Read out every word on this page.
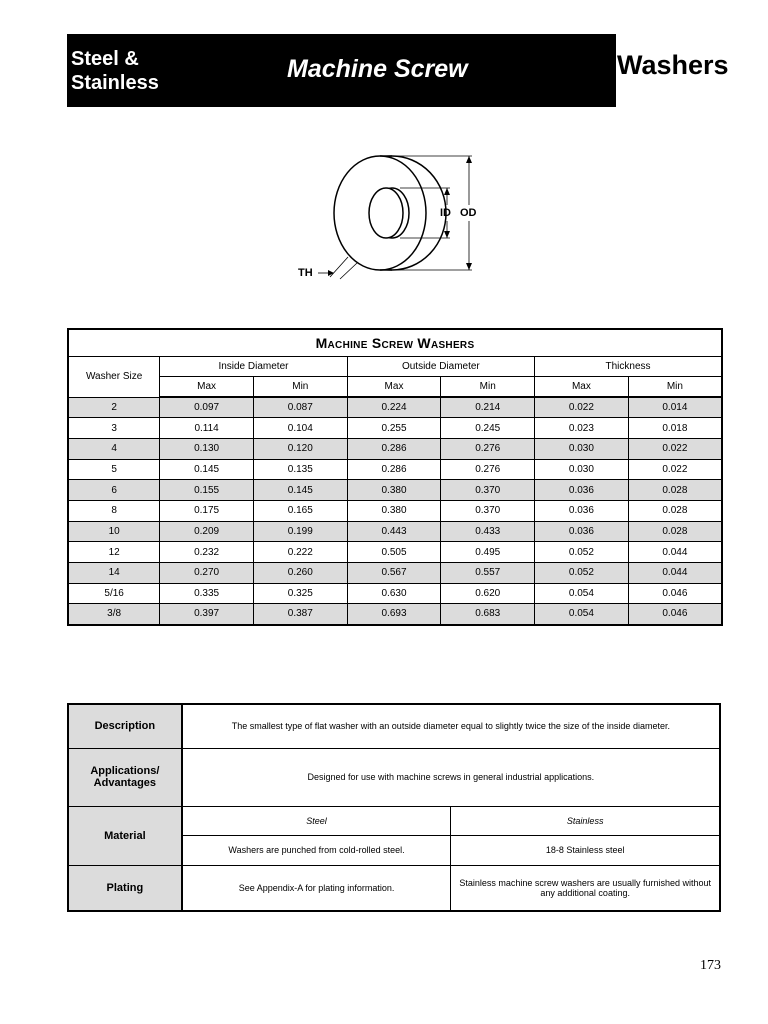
Steel &
Stainless	Machine Screw	Washers
ID OD
TH
Machine Screw Washers						
Washer Size	Inside Diameter		Outside Diameter		Thickness	
	Max	Min	Max	Min	Max	Min
2	0.097	0.087	0.224	0.214	0.022	0.014
3	0.114	0.104	0.255	0.245	0.023	0.018
4	0.130	0.120	0.286	0.276	0.030	0.022
5	0.145	0.135	0.286	0.276	0.030	0.022
6	0.155	0.145	0.380	0.370	0.036	0.028
8	0.175	0.165	0.380	0.370	0.036	0.028
10	0.209	0.199	0.443	0.433	0.036	0.028
12	0.232	0.222	0.505	0.495	0.052	0.044
14	0.270	0.260	0.567	0.557	0.052	0.044
5/16	0.335	0.325	0.630	0.620	0.054	0.046
3/8	0.397	0.387	0.693	0.683	0.054	0.046
Description	The smallest type of flat washer with an outside diameter equal to slightly twice the size of the inside diameter.	
Applications/
Advantages	Designed for use with machine screws in general industrial applications.	
Material	Steel	Stainless
	Washers are punched from cold-rolled steel.	18-8 Stainless steel
Plating	See Appendix-A for plating information.	Stainless machine screw washers are usually furnished without any additional coating.
173
